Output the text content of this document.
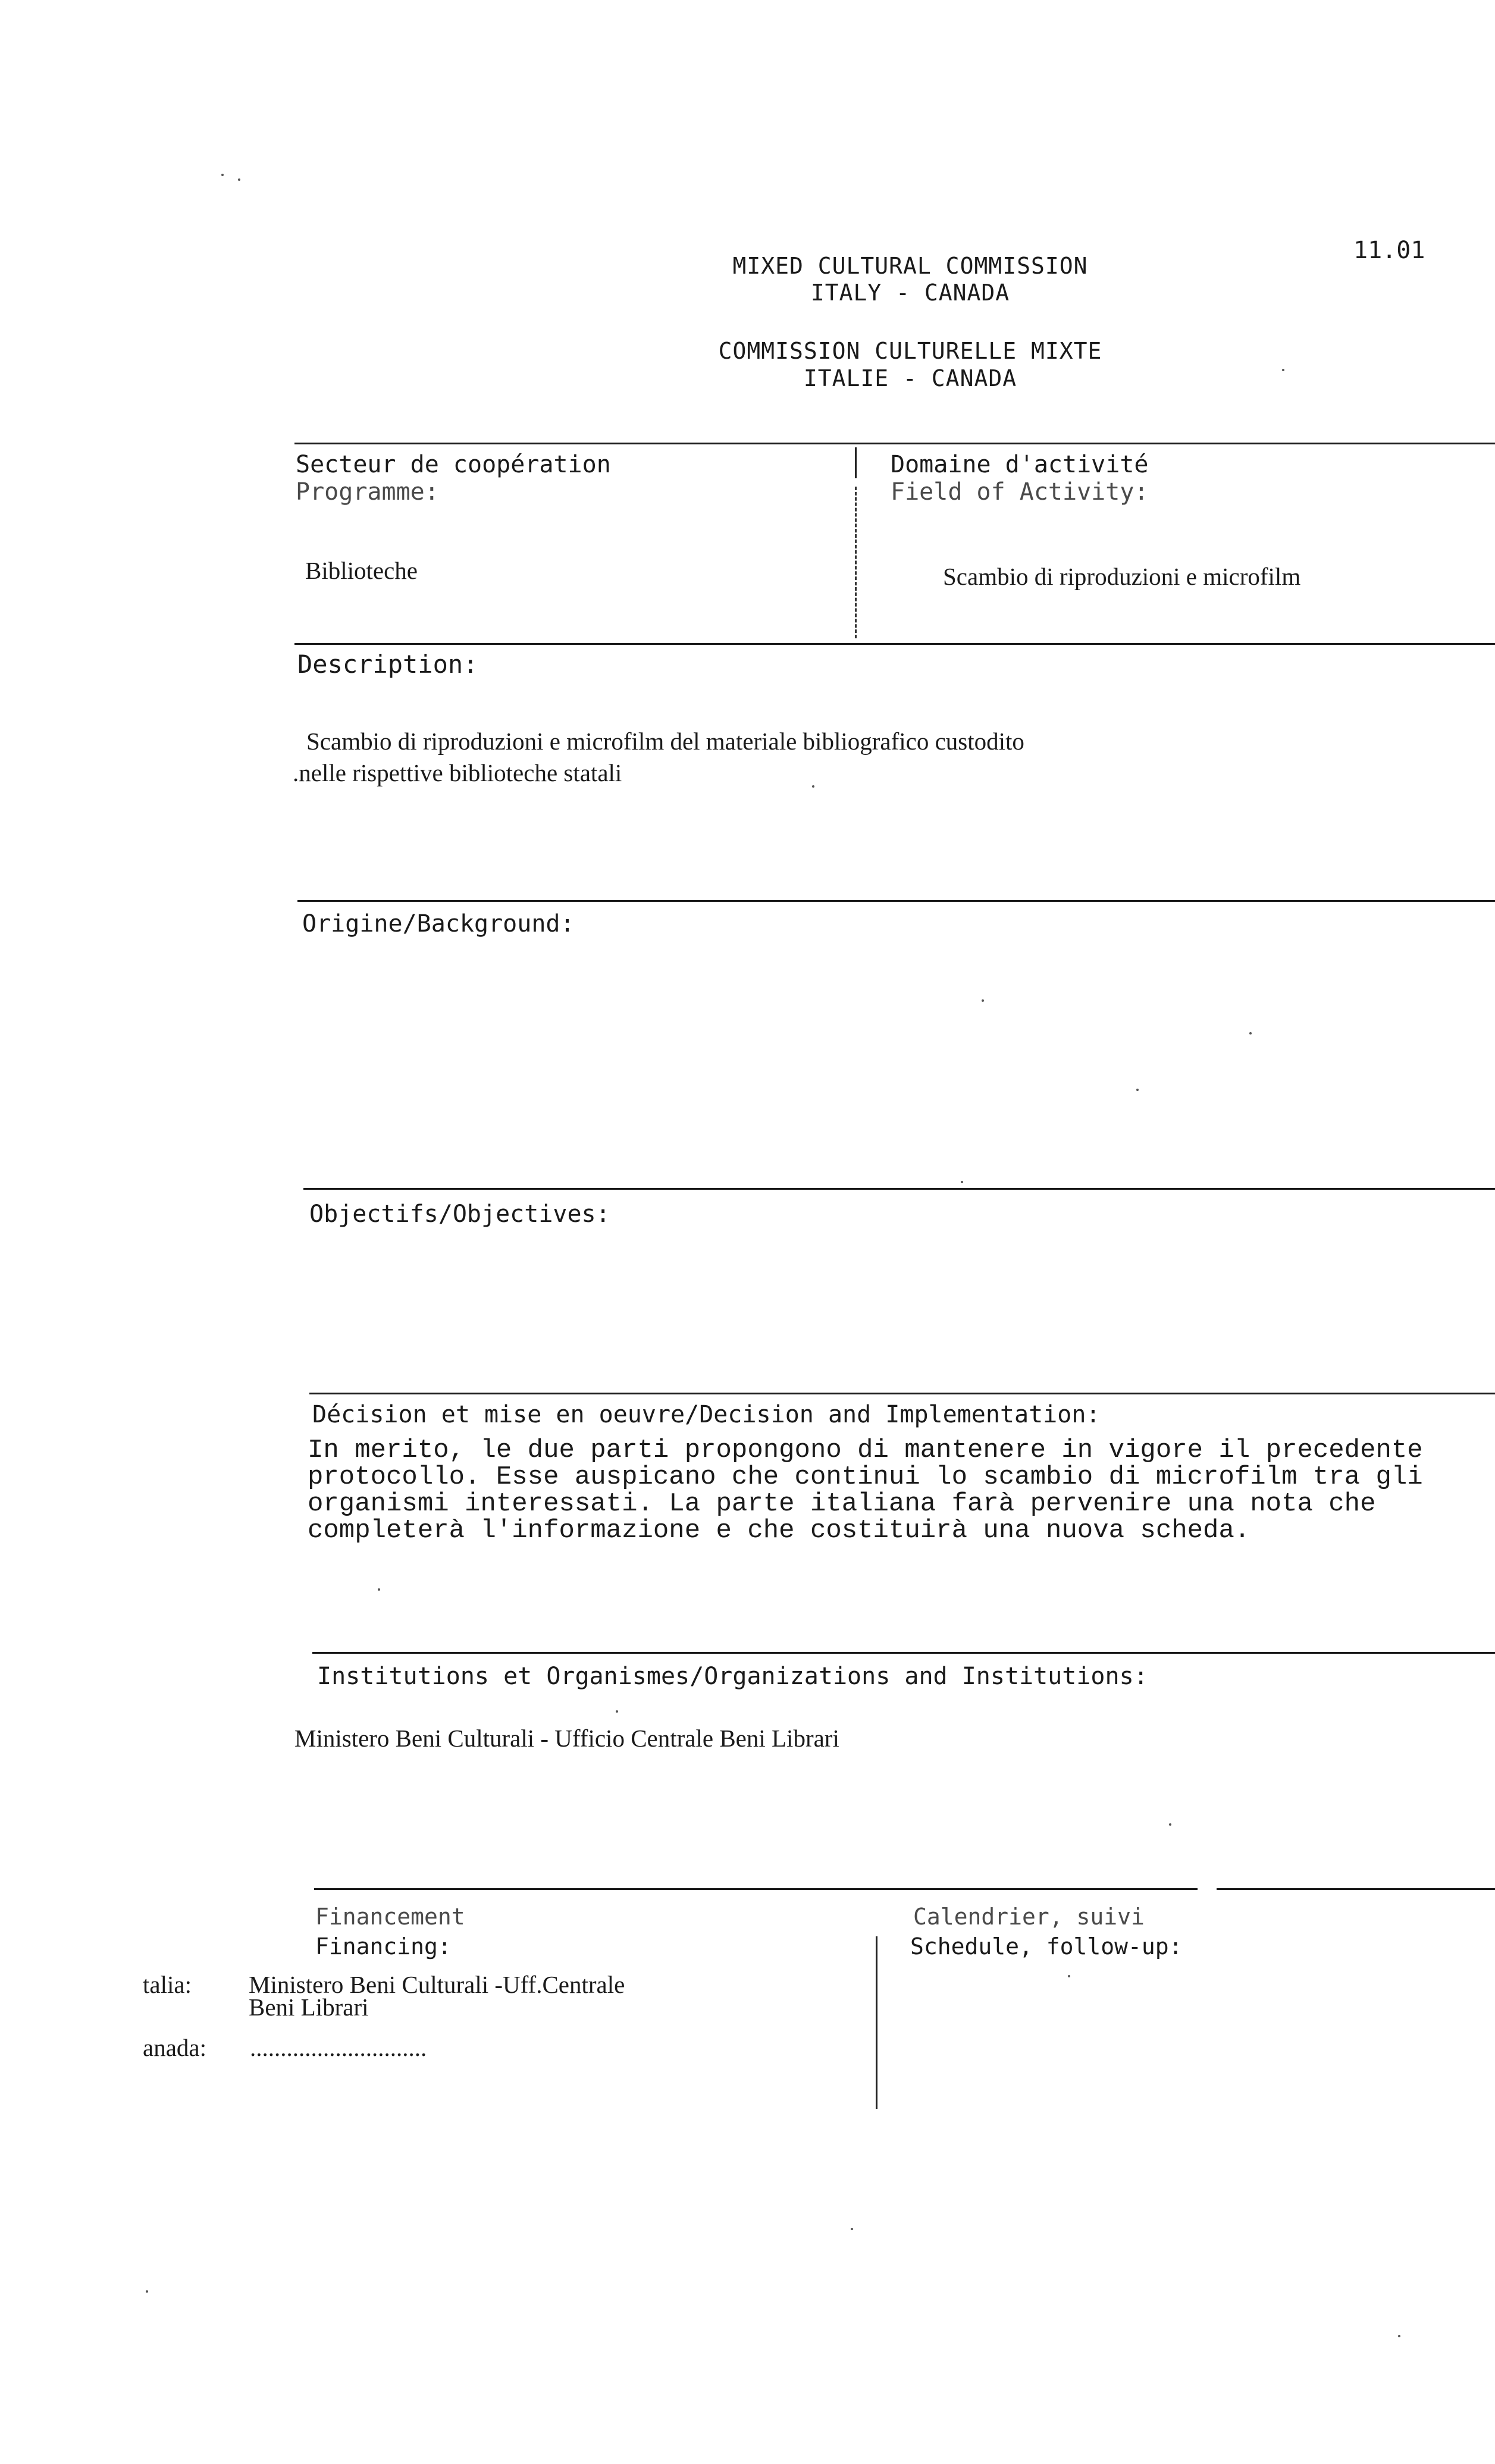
11.01
MIXED CULTURAL COMMISSION
ITALY - CANADA
COMMISSION CULTURELLE MIXTE
ITALIE - CANADA
Secteur de coopération
Programme:
Biblioteche
Domaine d'activité
Field of Activity:
Scambio di riproduzioni e microfilm
Description:
Scambio di riproduzioni e microfilm del materiale bibliografico custodito
.nelle rispettive biblioteche statali
Origine/Background:
Objectifs/Objectives:
Décision et mise en oeuvre/Decision and Implementation:
In merito, le due parti propongono di mantenere in vigore il precedente
protocollo. Esse auspicano che continui lo scambio di microfilm tra gli
organismi interessati. La parte italiana farà pervenire una nota che
completerà l'informazione e che costituirà una nuova scheda.
Institutions et Organismes/Organizations and Institutions:
Ministero Beni Culturali - Ufficio Centrale Beni Librari
Financement
Financing:
talia: Ministero Beni Culturali -Uff.Centrale
Beni Librari
anada: .............................
Calendrier, suivi
Schedule, follow-up:
